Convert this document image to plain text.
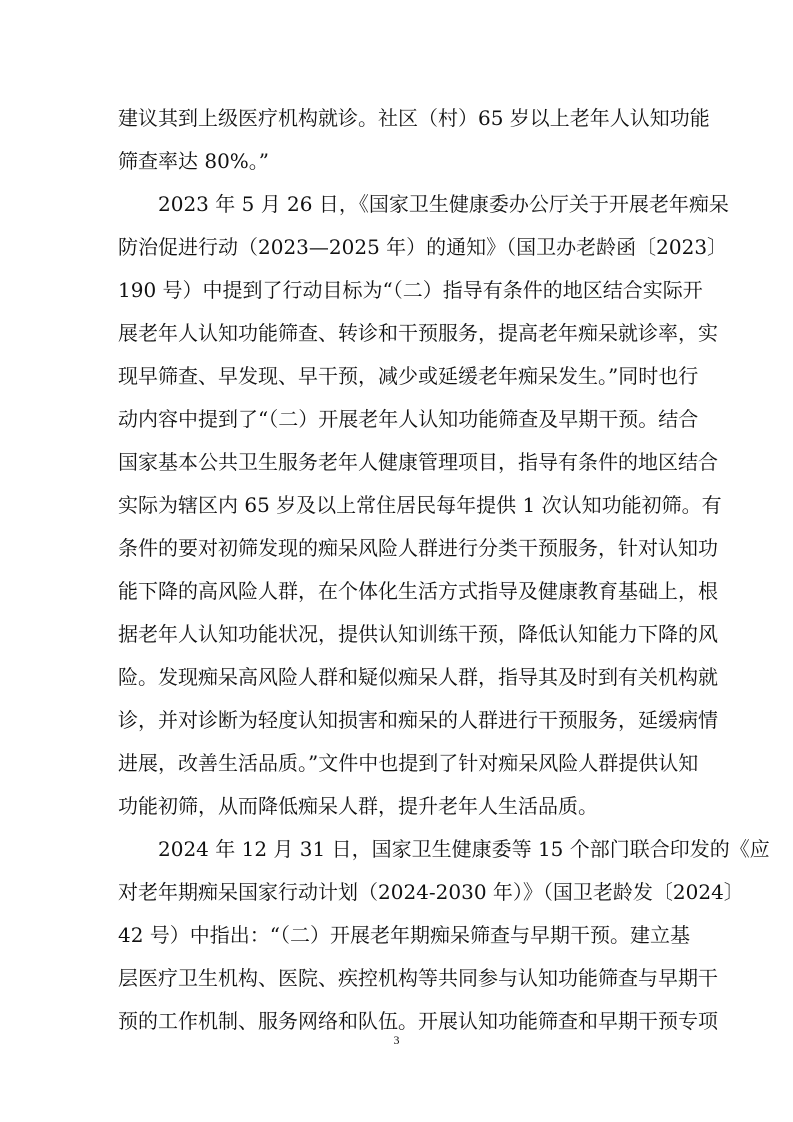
建议其到上级医疗机构就诊。社区（村）65 岁以上老年人认知功能
筛查率达 80%。”
2023 年 5 月 26 日，《国家卫生健康委办公厅关于开展老年痴呆
防治促进行动（2023—2025 年）的通知》（国卫办老龄函〔2023〕
190 号）中提到了行动目标为“（二）指导有条件的地区结合实际开
展老年人认知功能筛查、转诊和干预服务，提高老年痴呆就诊率，实
现早筛查、早发现、早干预，减少或延缓老年痴呆发生。”同时也行
动内容中提到了“（二）开展老年人认知功能筛查及早期干预。结合
国家基本公共卫生服务老年人健康管理项目，指导有条件的地区结合
实际为辖区内 65 岁及以上常住居民每年提供 1 次认知功能初筛。有
条件的要对初筛发现的痴呆风险人群进行分类干预服务，针对认知功
能下降的高风险人群，在个体化生活方式指导及健康教育基础上，根
据老年人认知功能状况，提供认知训练干预，降低认知能力下降的风
险。发现痴呆高风险人群和疑似痴呆人群，指导其及时到有关机构就
诊，并对诊断为轻度认知损害和痴呆的人群进行干预服务，延缓病情
进展，改善生活品质。”文件中也提到了针对痴呆风险人群提供认知
功能初筛，从而降低痴呆人群，提升老年人生活品质。
2024 年 12 月 31 日，国家卫生健康委等 15 个部门联合印发的《应
对老年期痴呆国家行动计划（2024-2030 年）》（国卫老龄发〔2024〕
42 号）中指出：“（二）开展老年期痴呆筛查与早期干预。建立基
层医疗卫生机构、医院、疾控机构等共同参与认知功能筛查与早期干
预的工作机制、服务网络和队伍。开展认知功能筛查和早期干预专项
3
